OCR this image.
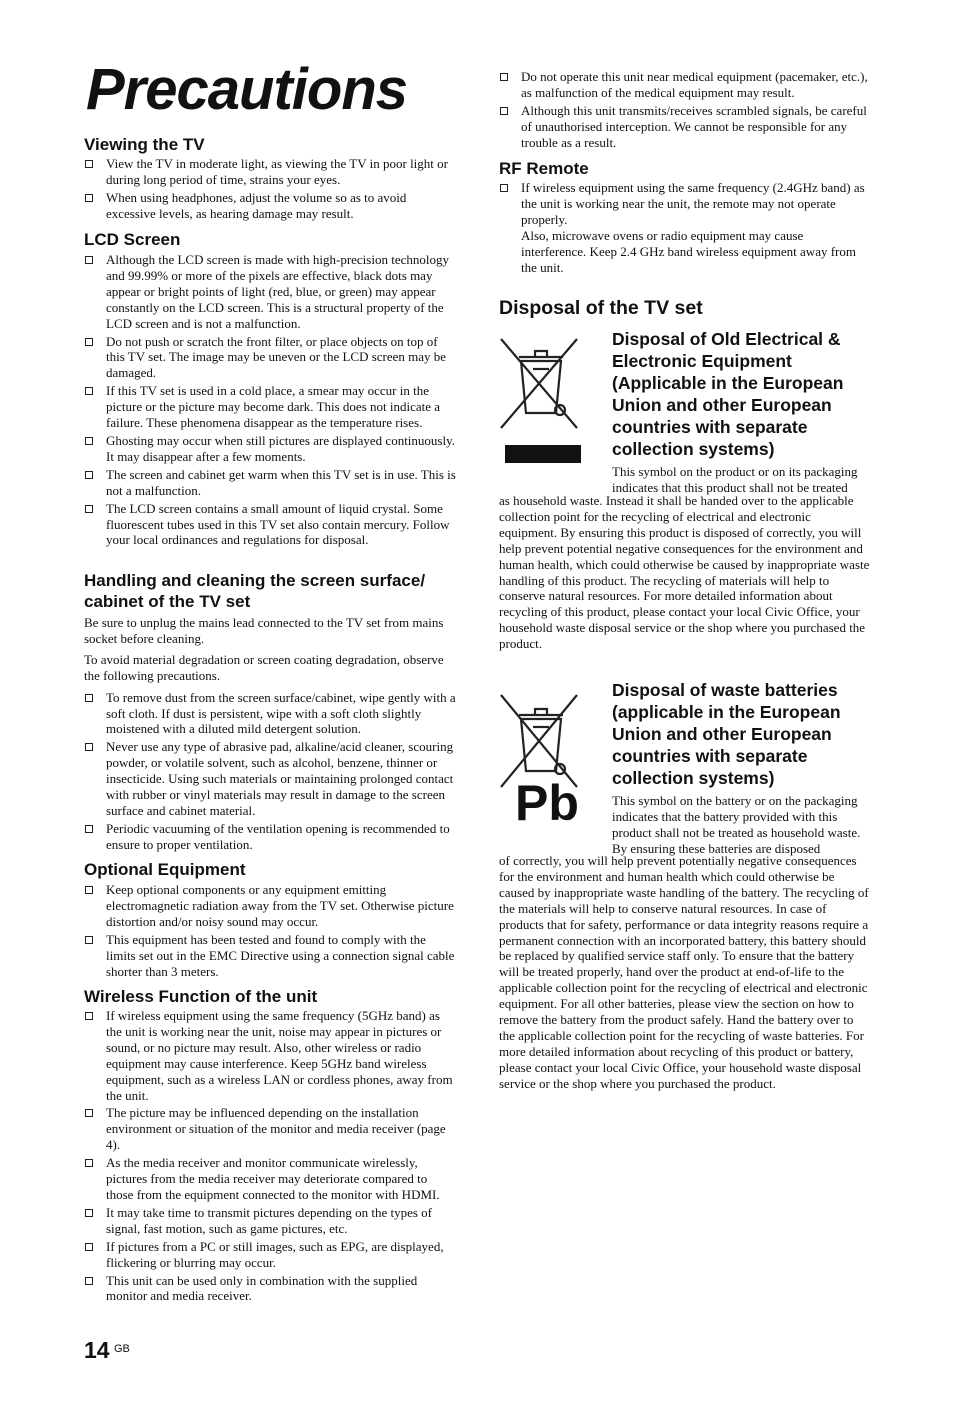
Precautions
Viewing the TV
View the TV in moderate light, as viewing the TV in poor light or during long period of time, strains your eyes.
When using headphones, adjust the volume so as to avoid excessive levels, as hearing damage may result.
LCD Screen
Although the LCD screen is made with high-precision technology and 99.99% or more of the pixels are effective, black dots may appear or bright points of light (red, blue, or green) may appear constantly on the LCD screen. This is a structural property of the LCD screen and is not a malfunction.
Do not push or scratch the front filter, or place objects on top of this TV set. The image may be uneven or the LCD screen may be damaged.
If this TV set is used in a cold place, a smear may occur in the picture or the picture may become dark. This does not indicate a failure. These phenomena disappear as the temperature rises.
Ghosting may occur when still pictures are displayed continuously. It may disappear after a few moments.
The screen and cabinet get warm when this TV set is in use. This is not a malfunction.
The LCD screen contains a small amount of liquid crystal. Some fluorescent tubes used in this TV set also contain mercury. Follow your local ordinances and regulations for disposal.
Handling and cleaning the screen surface/ cabinet of the TV set

Be sure to unplug the mains lead connected to the TV set from mains socket before cleaning.

To avoid material degradation or screen coating degradation, observe the following precautions.

To remove dust from the screen surface/cabinet, wipe gently with a soft cloth. If dust is persistent, wipe with a soft cloth slightly moistened with a diluted mild detergent solution.
Never use any type of abrasive pad, alkaline/acid cleaner, scouring powder, or volatile solvent, such as alcohol, benzene, thinner or insecticide. Using such materials or maintaining prolonged contact with rubber or vinyl materials may result in damage to the screen surface and cabinet material.
Periodic vacuuming of the ventilation opening is recommended to ensure to proper ventilation.
Optional Equipment
Keep optional components or any equipment emitting electromagnetic radiation away from the TV set. Otherwise picture distortion and/or noisy sound may occur.
This equipment has been tested and found to comply with the limits set out in the EMC Directive using a connection signal cable shorter than 3 meters.
Wireless Function of the unit
If wireless equipment using the same frequency (5GHz band) as the unit is working near the unit, noise may appear in pictures or sound, or no picture may result. Also, other wireless or radio equipment may cause interference. Keep 5GHz band wireless equipment, such as a wireless LAN or cordless phones, away from the unit.
The picture may be influenced depending on the installation environment or situation of the monitor and media receiver (page 4).
As the media receiver and monitor communicate wirelessly, pictures from the media receiver may deteriorate compared to those from the equipment connected to the monitor with HDMI.
It may take time to transmit pictures depending on the types of signal, fast motion, such as game pictures, etc.
If pictures from a PC or still images, such as EPG, are displayed, flickering or blurring may occur.
This unit can be used only in combination with the supplied monitor and media receiver.
Do not operate this unit near medical equipment (pacemaker, etc.), as malfunction of the medical equipment may result.
Although this unit transmits/receives scrambled signals, be careful of unauthorised interception. We cannot be responsible for any trouble as a result.
RF Remote
If wireless equipment using the same frequency (2.4GHz band) as the unit is working near the unit, the remote may not operate properly.
Also, microwave ovens or radio equipment may cause interference. Keep 2.4 GHz band wireless equipment away from the unit.
Disposal of the TV set
Disposal of Old Electrical & Electronic Equipment (Applicable in the European Union and other European countries with separate collection systems)

This symbol on the product or on its packaging indicates that this product shall not be treated

as household waste. Instead it shall be handed over to the applicable collection point for the recycling of electrical and electronic equipment. By ensuring this product is disposed of correctly, you will help prevent potential negative consequences for the environment and human health, which could otherwise be caused by inappropriate waste handling of this product. The recycling of materials will help to conserve natural resources. For more detailed information about recycling of this product, please contact your local Civic Office, your household waste disposal service or the shop where you purchased the product.

Pb
Disposal of waste batteries (applicable in the European Union and other European countries with separate collection systems)

This symbol on the battery or on the packaging indicates that the battery provided with this product shall not be treated as household waste. By ensuring these batteries are disposed

of correctly, you will help prevent potentially negative consequences for the environment and human health which could otherwise be caused by inappropriate waste handling of the battery. The recycling of the materials will help to conserve natural resources. In case of products that for safety, performance or data integrity reasons require a permanent connection with an incorporated battery, this battery should be replaced by qualified service staff only. To ensure that the battery will be treated properly, hand over the product at end-of-life to the applicable collection point for the recycling of electrical and electronic equipment. For all other batteries, please view the section on how to remove the battery from the product safely. Hand the battery over to the applicable collection point for the recycling of waste batteries. For more detailed information about recycling of this product or battery, please contact your local Civic Office, your household waste disposal service or the shop where you purchased the product.

14 GB
